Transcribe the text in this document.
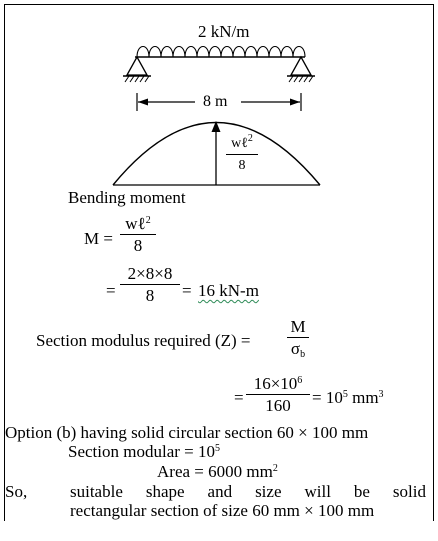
2 kN/m
8 m
wℓ$^2$
8
Bending moment
M =
wℓ$^2$
8
=
2×8×8
8	= 16 kN-m
Section modulus required (Z) =
M
$\sigma_b$
=
$16\times 10^6$
160	= $10^5$ $mm^3$
Option (b) having solid circular section 60 × 100 mm
Section modular = $10^5$
Area = 6000 $mm^2$
So,	suitable shape and size will be solid
rectangular section of size 60 mm × 100 mm
